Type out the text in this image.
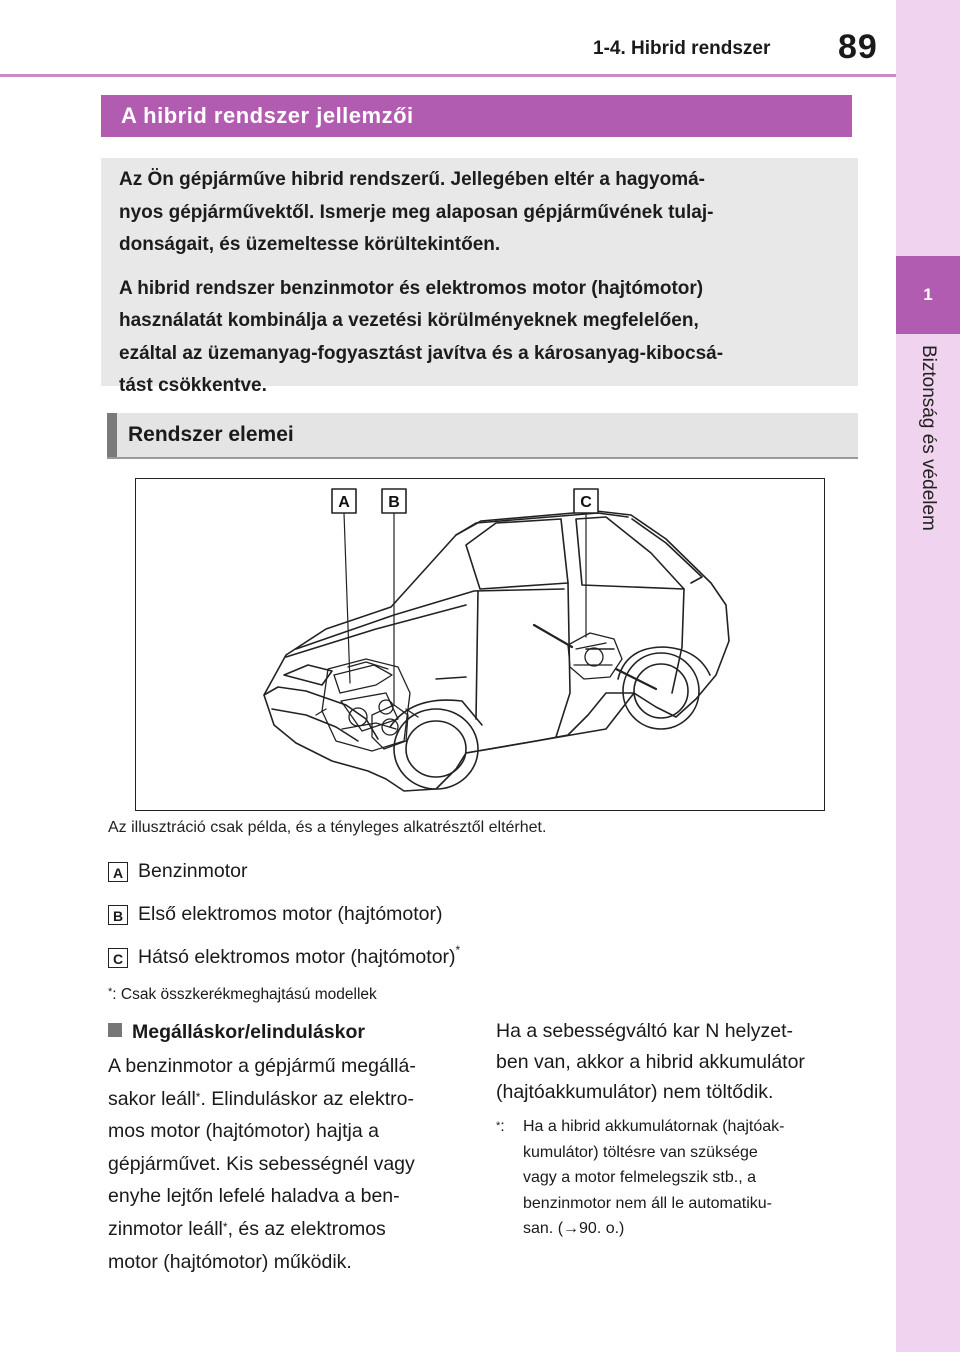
1-4. Hibrid rendszer 89
1
Biztonság és védelem
A hibrid rendszer jellemzői

Az Ön gépjárműve hibrid rendszerű. Jellegében eltér a hagyomá-
nyos gépjárművektől. Ismerje meg alaposan gépjárművének tulaj-
donságait, és üzemeltesse körültekintően.

A hibrid rendszer benzinmotor és elektromos motor (hajtómotor)
használatát kombinálja a vezetési körülményeknek megfelelően,
ezáltal az üzemanyag-fogyasztást javítva és a károsanyag-kibocsá-
tást csökkentve.

Rendszer elemei
A B	C
Az illusztráció csak példa, és a tényleges alkatrésztől eltérhet.
A Benzinmotor
B Első elektromos motor (hajtómotor)
C Hátsó elektromos motor (hajtómotor)*
*: Csak összkerékmeghajtású modellek
Megálláskor/elinduláskor
A benzinmotor a gépjármű megállá-
sakor leáll*. Elinduláskor az elektro-
mos motor (hajtómotor) hajtja a
gépjárművet. Kis sebességnél vagy
enyhe lejtőn lefelé haladva a ben-
zinmotor leáll*, és az elektromos
motor (hajtómotor) működik.
Ha a sebességváltó kar N helyzet-
ben van, akkor a hibrid akkumulátor
(hajtóakkumulátor) nem töltődik.
*: Ha a hibrid akkumulátornak (hajtóak-
kumulátor) töltésre van szüksége
vagy a motor felmelegszik stb., a
benzinmotor nem áll le automatiku-
san. (→90. o.)
